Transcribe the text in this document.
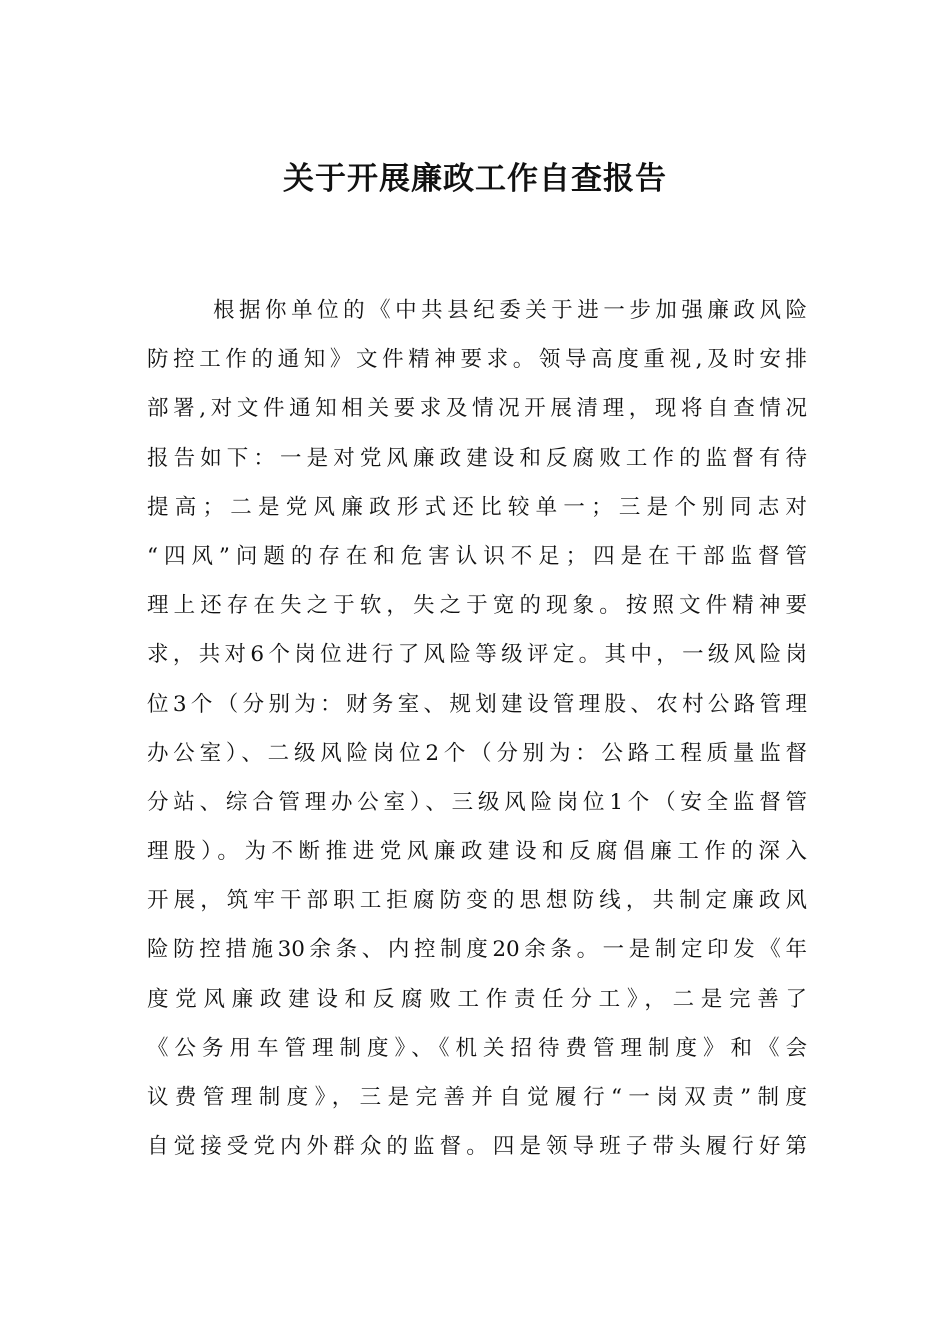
关于开展廉政工作自查报告
根据你单位的《中共县纪委关于进一步加强廉政风险
防控工作的通知》文件精神要求。领导高度重视,及时安排
部署,对文件通知相关要求及情况开展清理，现将自查情况
报告如下：一是对党风廉政建设和反腐败工作的监督有待
提高；二是党风廉政形式还比较单一；三是个别同志对
“四风”问题的存在和危害认识不足；四是在干部监督管
理上还存在失之于软，失之于宽的现象。按照文件精神要
求，共对6个岗位进行了风险等级评定。其中，一级风险岗
位3个（分别为：财务室、规划建设管理股、农村公路管理
办公室）、二级风险岗位2个（分别为：公路工程质量监督
分站、综合管理办公室）、三级风险岗位1个（安全监督管
理股）。为不断推进党风廉政建设和反腐倡廉工作的深入
开展，筑牢干部职工拒腐防变的思想防线，共制定廉政风
险防控措施30余条、内控制度20余条。一是制定印发《年
度党风廉政建设和反腐败工作责任分工》，二是完善了
《公务用车管理制度》、《机关招待费管理制度》和《会
议费管理制度》，三是完善并自觉履行“一岗双责”制度
自觉接受党内外群众的监督。四是领导班子带头履行好第
